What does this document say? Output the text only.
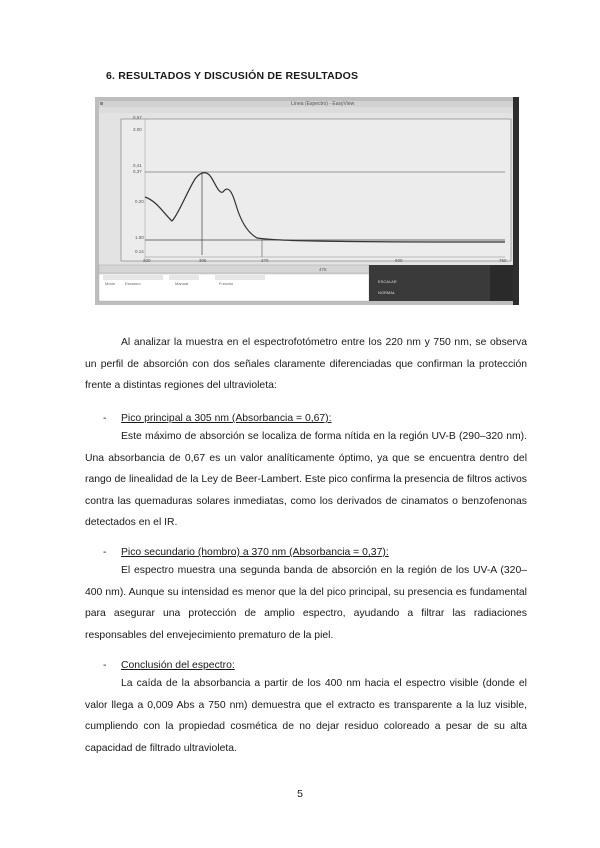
6. RESULTADOS Y DISCUSIÓN DE RESULTADOS
Línea (Espectro) - EasyView
0,57
3.00
0,41
0,37
0.20
1.00
0.14
220	305	370
475
600	750
Modo Escaneo	Manual	Función	ESCALAR
NORMAL

Al analizar la muestra en el espectrofotómetro entre los 220 nm y 750 nm, se observa un perfil de absorción con dos señales claramente diferenciadas que confirman la protección frente a distintas regiones del ultravioleta:

- Pico principal a 305 nm (Absorbancia = 0,67):

Este máximo de absorción se localiza de forma nítida en la región UV-B (290–320 nm). Una absorbancia de 0,67 es un valor analíticamente óptimo, ya que se encuentra dentro del rango de linealidad de la Ley de Beer-Lambert. Este pico confirma la presencia de filtros activos contra las quemaduras solares inmediatas, como los derivados de cinamatos o benzofenonas detectados en el IR.

- Pico secundario (hombro) a 370 nm (Absorbancia = 0,37):

El espectro muestra una segunda banda de absorción en la región de los UV-A (320–400 nm). Aunque su intensidad es menor que la del pico principal, su presencia es fundamental para asegurar una protección de amplio espectro, ayudando a filtrar las radiaciones responsables del envejecimiento prematuro de la piel.

- Conclusión del espectro:

La caída de la absorbancia a partir de los 400 nm hacia el espectro visible (donde el valor llega a 0,009 Abs a 750 nm) demuestra que el extracto es transparente a la luz visible, cumpliendo con la propiedad cosmética de no dejar residuo coloreado a pesar de su alta capacidad de filtrado ultravioleta.

5
